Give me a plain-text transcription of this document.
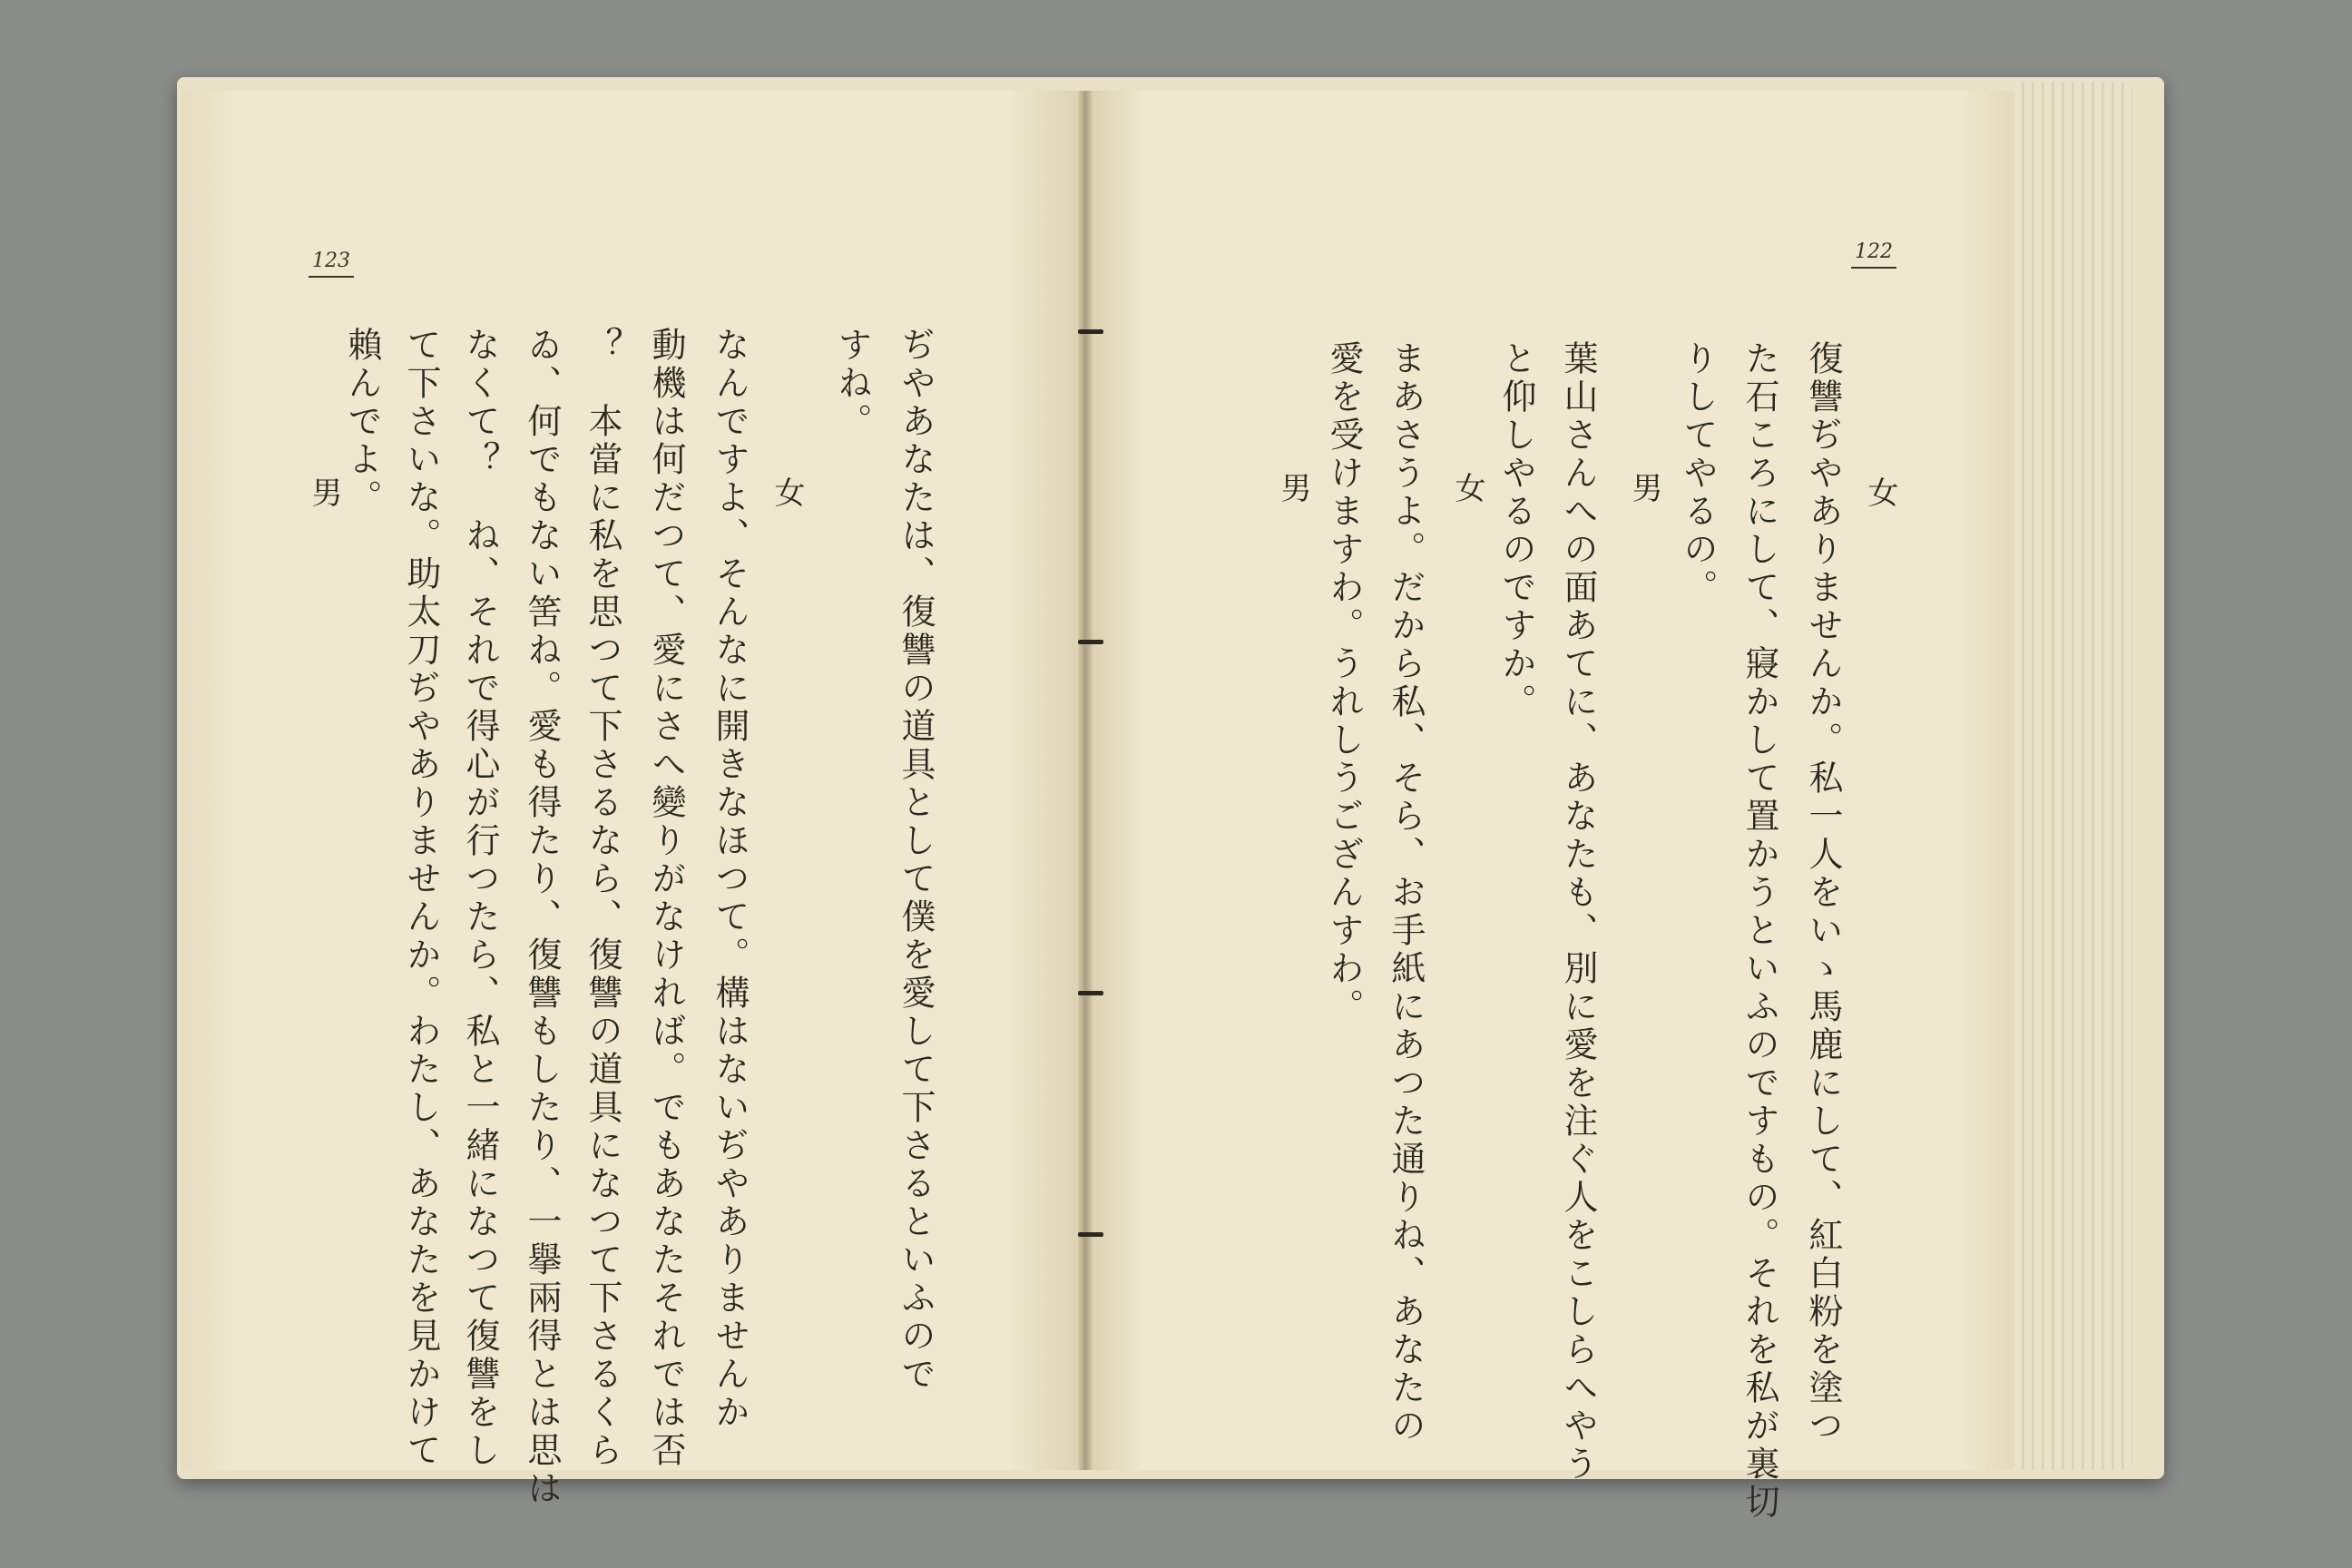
123
ぢやあなたは、復讐の道具として僕を愛して下さるといふので
すね。
女
なんですよ、そんなに開きなほつて。構はないぢやありませんか
動機は何だつて、愛にさへ變りがなければ。でもあなたそれでは否
？　本當に私を思つて下さるなら、復讐の道具になつて下さるくら
ゐ、何でもない筈ね。愛も得たり、復讐もしたり、一擧兩得とは思は
なくて？　ね、それで得心が行つたら、私と一緒になつて復讐をし
て下さいな。助太刀ぢやありませんか。わたし、あなたを見かけて
賴んでよ。
男
122
女
復讐ぢやありませんか。私一人をいゝ馬鹿にして、紅白粉を塗つ
た石ころにして、寢かして置かうといふのですもの。それを私が裏切
りしてやるの。
男
葉山さんへの面あてに、あなたも、別に愛を注ぐ人をこしらへやう
と仰しやるのですか。
女
まあさうよ。だから私、そら、お手紙にあつた通りね、あなたの
愛を受けますわ。うれしうござんすわ。
男
